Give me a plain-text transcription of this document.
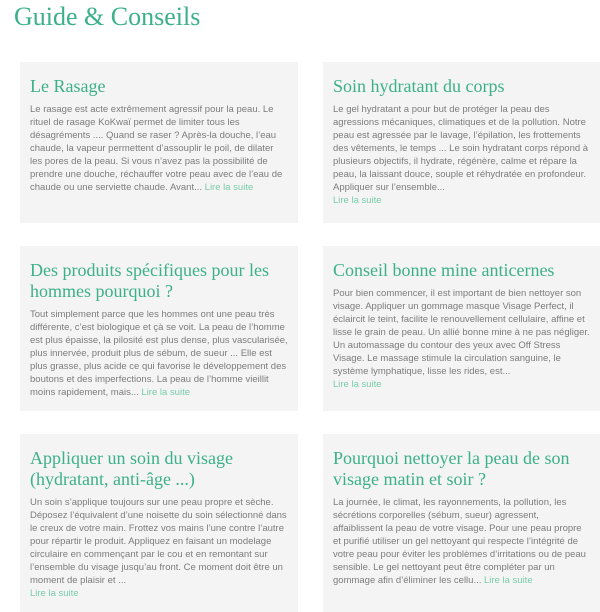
Guide & Conseils
Le Rasage

Le rasage est acte extrêmement agressif pour la peau. Le rituel de rasage KoKwaï permet de limiter tous les désagréments .... Quand se raser ? Après-la douche, l’eau chaude, la vapeur permettent d’assouplir le poil, de dilater les pores de la peau. Si vous n’avez pas la possibilité de prendre une douche, réchauffer votre peau avec de l’eau de chaude ou une serviette chaude. Avant... Lire la suite

Soin hydratant du corps

Le gel hydratant a pour but de protéger la peau des agressions mécaniques, climatiques et de la pollution. Notre peau est agressée par le lavage, l’épilation, les frottements des vêtements, le temps ... Le soin hydratant corps répond à plusieurs objectifs, il hydrate, régénère, calme et répare la peau, la laissant douce, souple et réhydratée en profondeur. Appliquer sur l’ensemble...
Lire la suite

Des produits spécifiques pour les hommes pourquoi ?

Tout simplement parce que les hommes ont une peau très différente, c’est biologique et çà se voit. La peau de l’homme est plus épaisse, la pilosité est plus dense, plus vascularisée, plus innervée, produit plus de sébum, de sueur ... Elle est plus grasse, plus acide ce qui favorise le développement des boutons et des imperfections. La peau de l’homme vieillit moins rapidement, mais... Lire la suite

Conseil bonne mine anticernes

Pour bien commencer, il est important de bien nettoyer son visage. Appliquer un gommage masque Visage Perfect, il éclaircit le teint, facilite le renouvellement cellulaire, affine et lisse le grain de peau. Un allié bonne mine à ne pas négliger. Un automassage du contour des yeux avec Off Stress Visage. Le massage stimule la circulation sanguine, le système lymphatique, lisse les rides, est...
Lire la suite

Appliquer un soin du visage (hydratant, anti-âge ...)

Un soin s’applique toujours sur une peau propre et sèche. Déposez l’équivalent d’une noisette du soin sélectionné dans le creux de votre main. Frottez vos mains l’une contre l’autre pour répartir le produit. Appliquez en faisant un modelage circulaire en commençant par le cou et en remontant sur l’ensemble du visage jusqu’au front. Ce moment doit être un moment de plaisir et ...
Lire la suite

Pourquoi nettoyer la peau de son visage matin et soir ?

La journée, le climat, les rayonnements, la pollution, les sécrétions corporelles (sébum, sueur) agressent, affaiblissent la peau de votre visage. Pour une peau propre et purifié utiliser un gel nettoyant qui respecte l’intégrité de votre peau pour éviter les problèmes d’irritations ou de peau sensible. Le gel nettoyant peut être compléter par un gommage afin d’éliminer les cellu... Lire la suite
